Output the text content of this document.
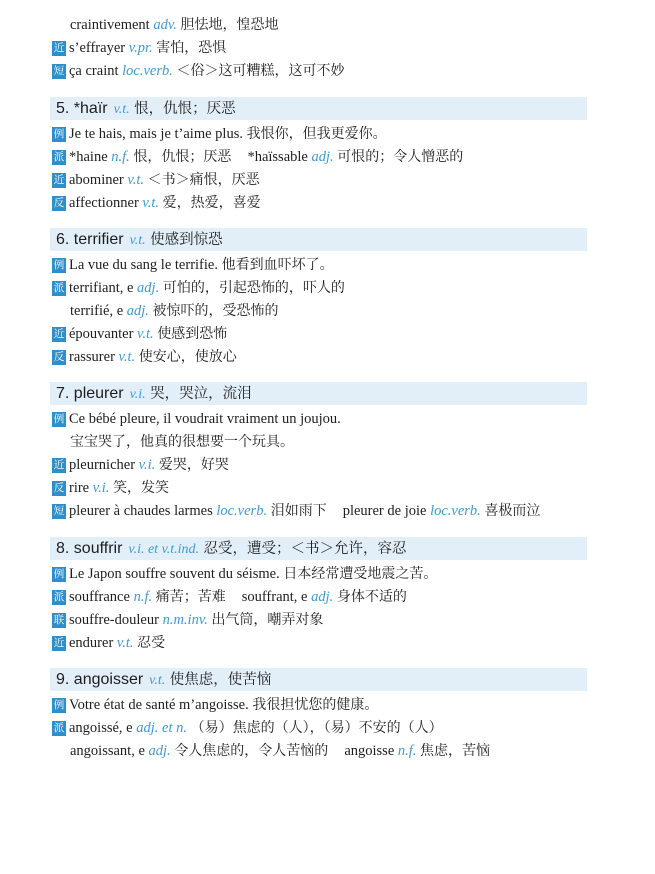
craintivement adv. 胆怯地，惶恐地
近 s’effrayer v.pr. 害怕，恐惧
短 ça craint loc.verb. ＜俗＞这可糟糕，这可不妙
5. *haïr v.t. 恨，仇恨；厌恶
例 Je te hais, mais je t’aime plus. 我恨你，但我更爱你。
派 *haine n.f. 恨，仇恨；厌恶 *haïssable adj. 可恨的；令人憎恶的
近 abominer v.t. ＜书＞痛恨，厌恶
反 affectionner v.t. 爱，热爱，喜爱
6. terrifier v.t. 使感到惊恐
例 La vue du sang le terrifie. 他看到血吓坏了。
派 terrifiant, e adj. 可怕的，引起恐怖的，吓人的
terrifié, e adj. 被惊吓的，受恐怖的
近 épouvanter v.t. 使感到恐怖
反 rassurer v.t. 使安心，使放心
7. pleurer v.i. 哭，哭泣，流泪
例 Ce bébé pleure, il voudrait vraiment un joujou.
宝宝哭了，他真的很想要一个玩具。
近 pleurnicher v.i. 爱哭，好哭
反 rire v.i. 笑，发笑
短 pleurer à chaudes larmes loc.verb. 泪如雨下 pleurer de joie loc.verb. 喜极而泣
8. souffrir v.i. et v.t.ind. 忍受，遭受；＜书＞允许，容忍
例 Le Japon souffre souvent du séisme. 日本经常遭受地震之苦。
派 souffrance n.f. 痛苦；苦难 souffrant, e adj. 身体不适的
联 souffre-douleur n.m.inv. 出气筒，嘲弄对象
近 endurer v.t. 忍受
9. angoisser v.t. 使焦虑，使苦恼
例 Votre état de santé m’angoisse. 我很担忧您的健康。
派 angoissé, e adj. et n. （易）焦虑的（人），（易）不安的（人）
angoissant, e adj. 令人焦虑的，令人苦恼的 angoisse n.f. 焦虑，苦恼
